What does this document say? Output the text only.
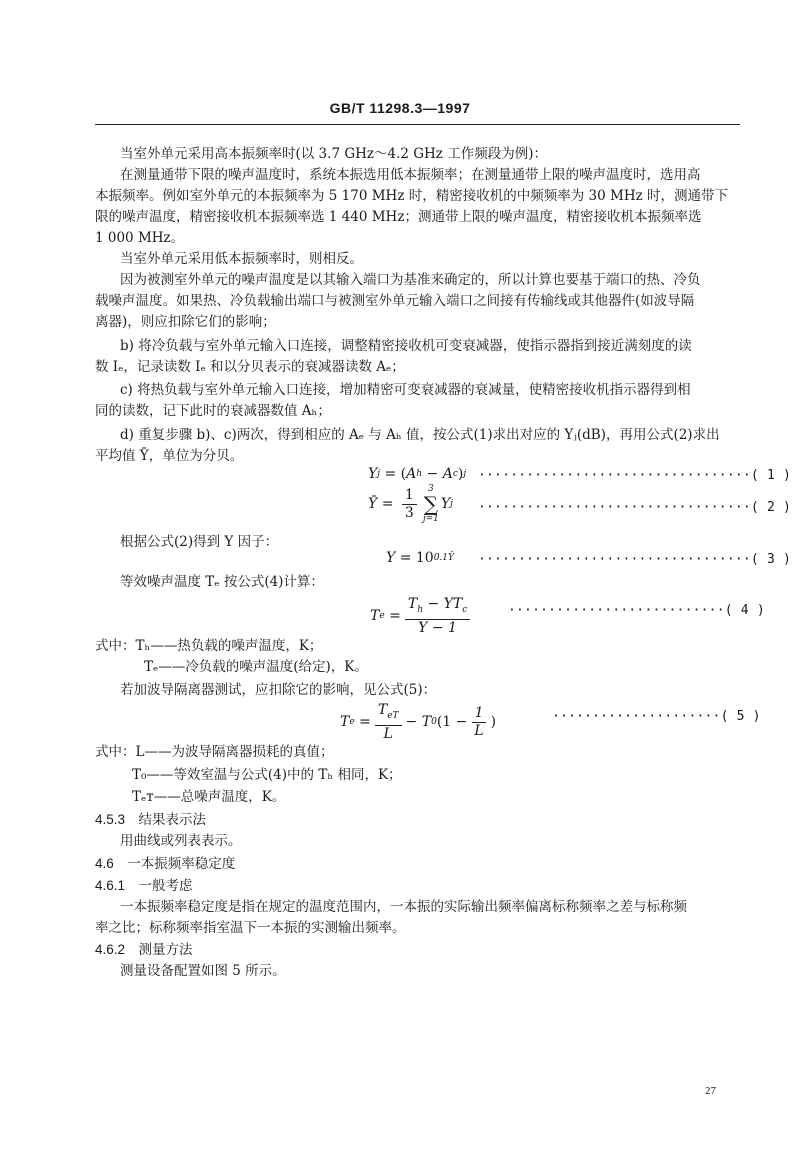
GB/T 11298.3—1997
当室外单元采用高本振频率时(以 3.7 GHz～4.2 GHz 工作频段为例)：
在测量通带下限的噪声温度时，系统本振选用低本振频率；在测量通带上限的噪声温度时，选用高
本振频率。例如室外单元的本振频率为 5 170 MHz 时，精密接收机的中频频率为 30 MHz 时，测通带下
限的噪声温度，精密接收机本振频率选 1 440 MHz；测通带上限的噪声温度，精密接收机本振频率选
1 000 MHz。
当室外单元采用低本振频率时，则相反。
因为被测室外单元的噪声温度是以其输入端口为基准来确定的，所以计算也要基于端口的热、冷负
载噪声温度。如果热、冷负载输出端口与被测室外单元输入端口之间接有传输线或其他器件(如波导隔
离器)，则应扣除它们的影响；
b) 将冷负载与室外单元输入口连接，调整精密接收机可变衰减器，使指示器指到接近满刻度的读
数 Iₑ，记录读数 Iₑ 和以分贝表示的衰减器读数 Aₑ；
c) 将热负载与室外单元输入口连接，增加精密可变衰减器的衰减量，使精密接收机指示器得到相
同的读数，记下此时的衰减器数值 Aₕ；
d) 重复步骤 b)、c)两次，得到相应的 Aₑ 与 Aₕ 值，按公式(1)求出对应的 Yⱼ(dB)，再用公式(2)求出
平均值 Ȳ，单位为分贝。
Y j = ( A h − A c ) j ··································( 1 )
Ȳ = $\frac{1}{3} 3$
∑
j=1
Y j ··································( 2 )
根据公式(2)得到 Y 因子：
Y = 10 0.1Ȳ ··································( 3 )
等效噪声温度 Tₑ 按公式(4)计算：
T $e = \frac{T_h - YT_c}{Y - 1}$	···························( 4 )
式中：Tₕ——热负载的噪声温度，K；
Tₑ——冷负载的噪声温度(给定)，K。
若加波导隔离器测试，应扣除它的影响，见公式(5)：
T $e = \frac{T_{eT}}{L} - T$ 0 ($1 - \frac{1}{L}$ )	·····················( 5 )
式中：L——为波导隔离器损耗的真值；
T₀——等效室温与公式(4)中的 Tₕ 相同，K；
Tₑᴛ——总噪声温度，K。
4.5.3　结果表示法
用曲线或列表表示。
4.6　一本振频率稳定度
4.6.1　一般考虑
一本振频率稳定度是指在规定的温度范围内，一本振的实际输出频率偏离标称频率之差与标称频
率之比；标称频率指室温下一本振的实测输出频率。
4.6.2　测量方法
测量设备配置如图 5 所示。
27
